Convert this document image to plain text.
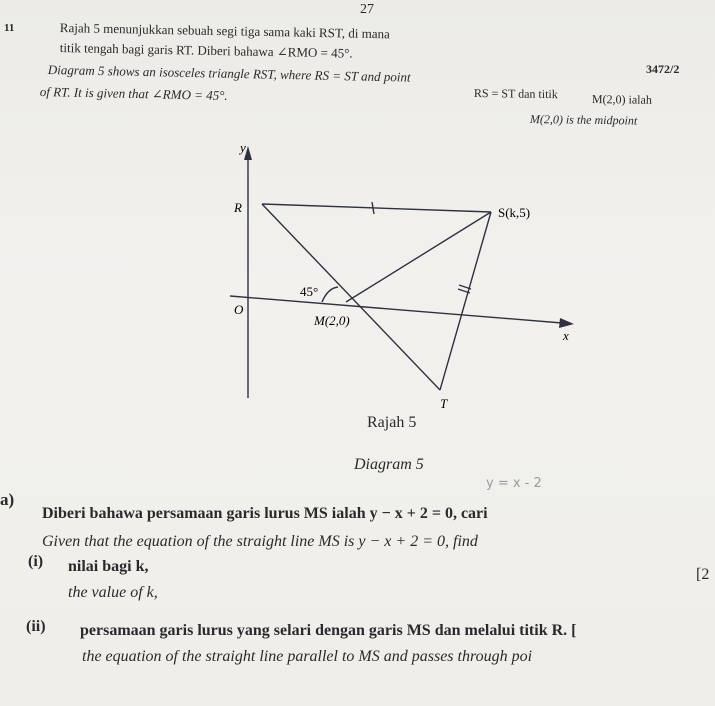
27
11
3472/2
Rajah 5 menunjukkan sebuah segi tiga sama kaki RST, di mana
RS = ST dan titik	M(2,0) ialah
titik tengah bagi garis RT. Diberi bahawa ∠RMO = 45°.
Diagram 5 shows an isosceles triangle RST, where RS = ST and point
M(2,0) is the midpoint
of RT. It is given that ∠RMO = 45°.
y
x
O
R	S(k,5)
T
M(2,0)
45°
Rajah 5
Diagram 5
y = x - 2
a)
Diberi bahawa persamaan garis lurus MS ialah y − x + 2 = 0, cari
Given that the equation of the straight line MS is y − x + 2 = 0, find
(i) nilai bagi k,	[2
the value of k,
(ii) persamaan garis lurus yang selari dengan garis MS dan melalui titik R. [
the equation of the straight line parallel to MS and passes through poi
